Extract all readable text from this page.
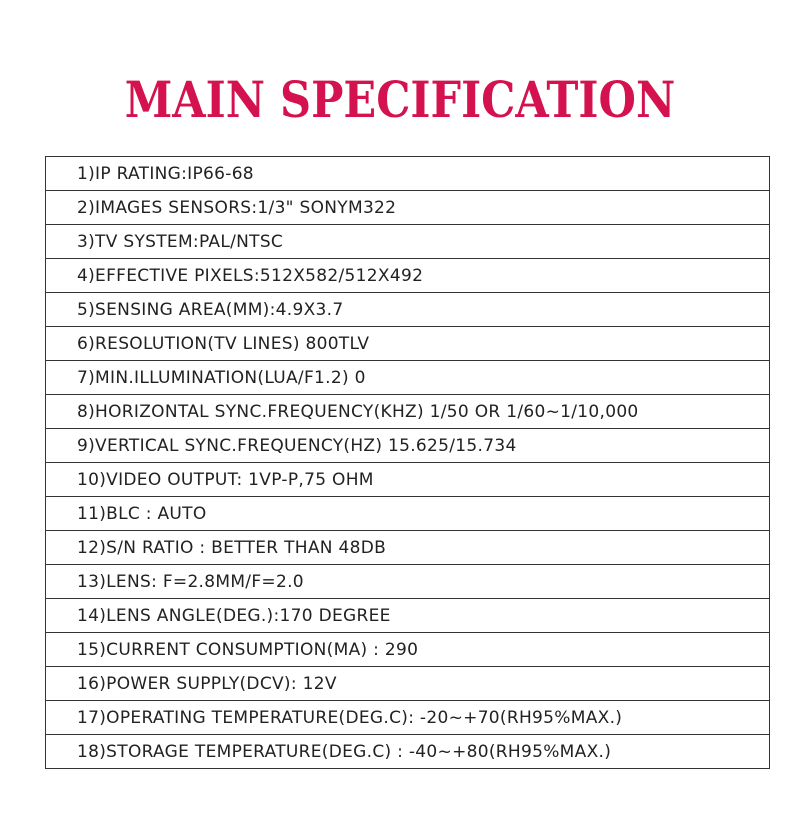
MAIN SPECIFICATION
1)IP RATING:IP66-68
2)IMAGES SENSORS:1/3" SONYM322
3)TV SYSTEM:PAL/NTSC
4)EFFECTIVE PIXELS:512X582/512X492
5)SENSING AREA(MM):4.9X3.7
6)RESOLUTION(TV LINES) 800TLV
7)MIN.ILLUMINATION(LUA/F1.2) 0
8)HORIZONTAL SYNC.FREQUENCY(KHZ) 1/50 OR 1/60~1/10,000
9)VERTICAL SYNC.FREQUENCY(HZ) 15.625/15.734
10)VIDEO OUTPUT: 1VP-P,75 OHM
11)BLC : AUTO
12)S/N RATIO : BETTER THAN 48DB
13)LENS: F=2.8MM/F=2.0
14)LENS ANGLE(DEG.):170 DEGREE
15)CURRENT CONSUMPTION(MA) : 290
16)POWER SUPPLY(DCV): 12V
17)OPERATING TEMPERATURE(DEG.C): -20~+70(RH95%MAX.)
18)STORAGE TEMPERATURE(DEG.C) : -40~+80(RH95%MAX.)
